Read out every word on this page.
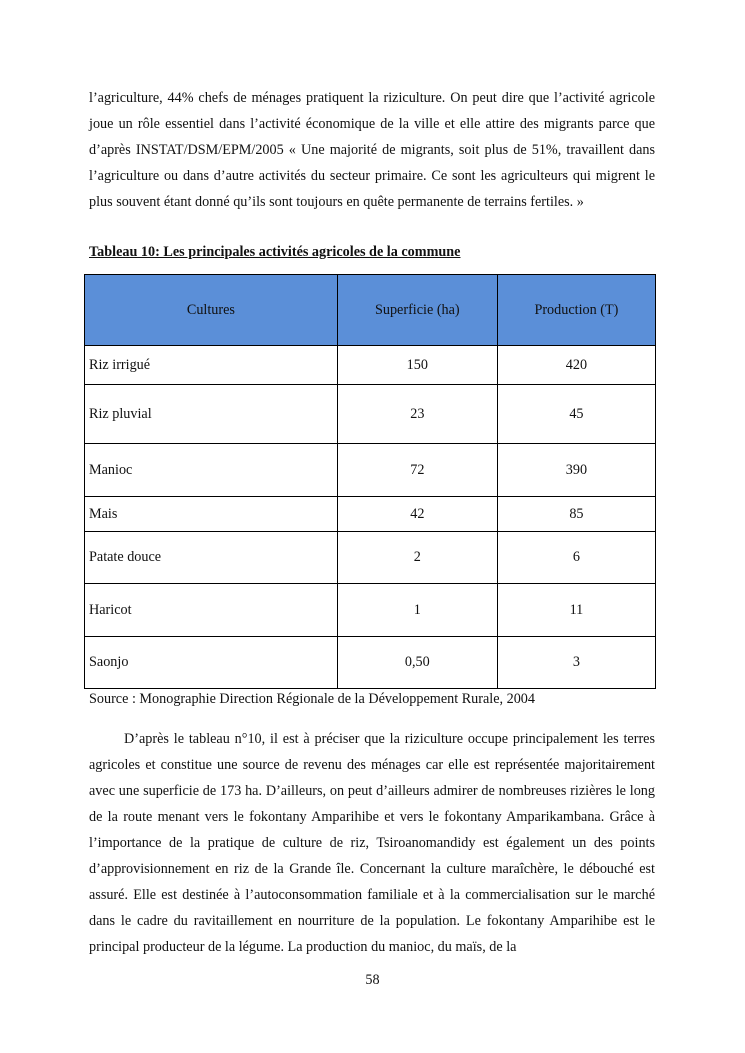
l’agriculture, 44% chefs de ménages pratiquent la riziculture. On peut dire que l’activité agricole joue un rôle essentiel dans l’activité économique de la ville et elle attire des migrants parce que d’après INSTAT/DSM/EPM/2005 « Une majorité de migrants, soit plus de 51%, travaillent dans l’agriculture ou dans d’autre activités du secteur primaire. Ce sont les agriculteurs qui migrent le plus souvent étant donné qu’ils sont toujours en quête permanente de terrains fertiles. »

Tableau 10: Les principales activités agricoles de la commune

Cultures	Superficie (ha)	Production (T)
Riz irrigué	150	420
Riz pluvial	23	45
Manioc	72	390
Mais	42	85
Patate douce	2	6
Haricot	1	11
Saonjo	0,50	3

Source : Monographie Direction Régionale de la Développement Rurale, 2004

D’après le tableau n°10, il est à préciser que la riziculture occupe principalement les terres agricoles et constitue une source de revenu des ménages car elle est représentée majoritairement avec une superficie de 173 ha. D’ailleurs, on peut d’ailleurs admirer de nombreuses rizières le long de la route menant vers le fokontany Amparihibe et vers le fokontany Amparikambana. Grâce à l’importance de la pratique de culture de riz, Tsiroanomandidy est également un des points d’approvisionnement en riz de la Grande île. Concernant la culture maraîchère, le débouché est assuré. Elle est destinée à l’autoconsommation familiale et à la commercialisation sur le marché dans le cadre du ravitaillement en nourriture de la population. Le fokontany Amparihibe est le principal producteur de la légume. La production du manioc, du maïs, de la

58
